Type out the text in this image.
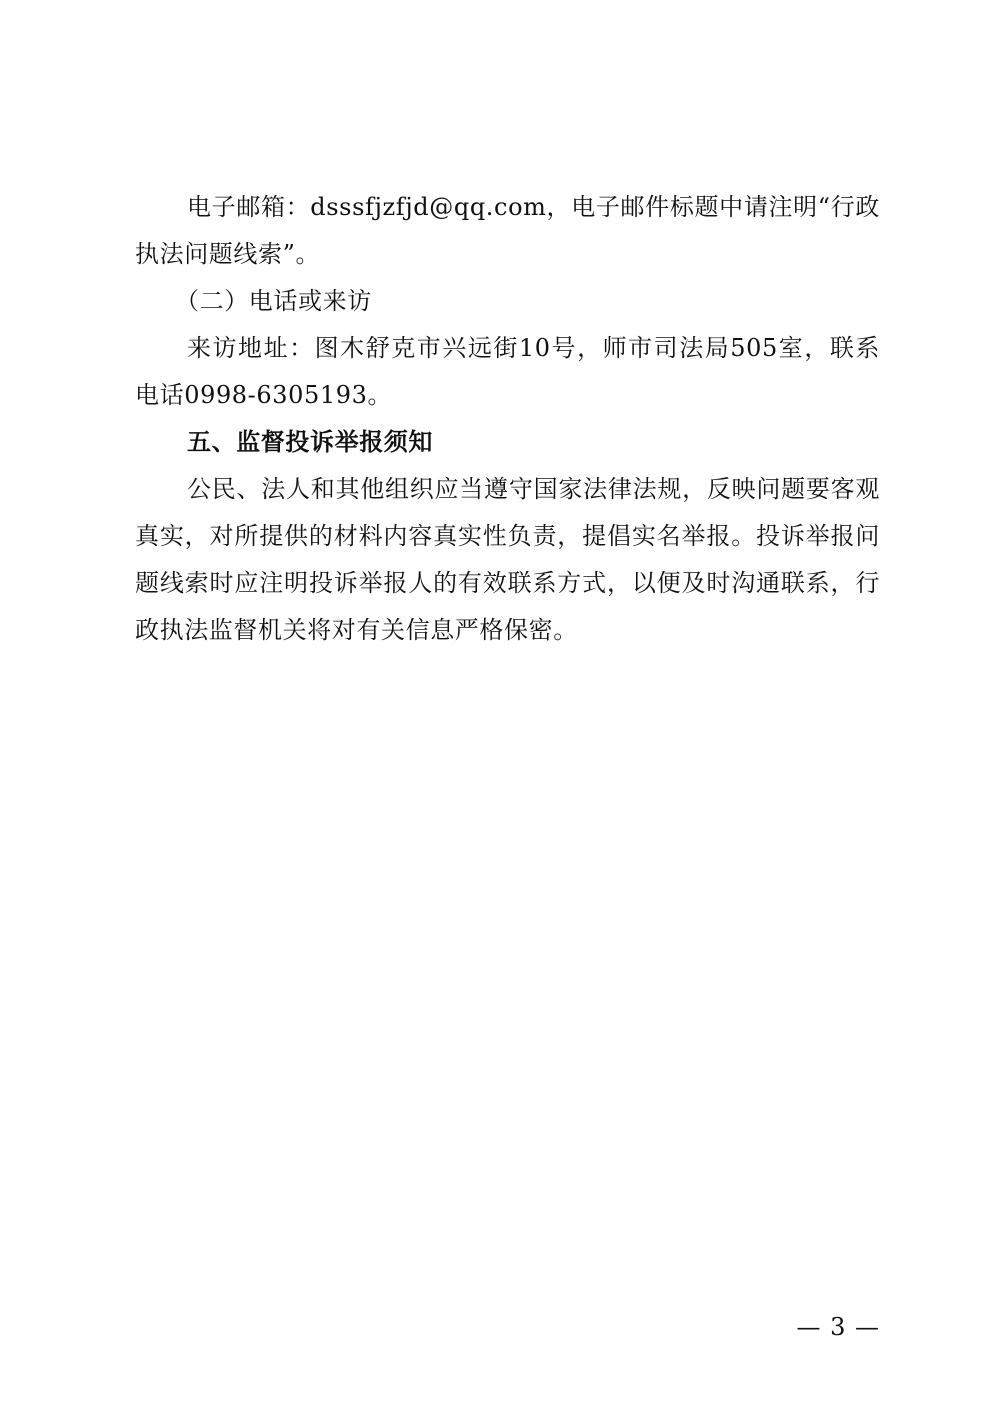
电子邮箱：dsssfjzfjd@qq.com，电子邮件标题中请注明“行政执法问题线索”。

（二）电话或来访

来访地址：图木舒克市兴远街10号，师市司法局505室，联系电话0998-6305193。

五、监督投诉举报须知

公民、法人和其他组织应当遵守国家法律法规，反映问题要客观真实，对所提供的材料内容真实性负责，提倡实名举报。投诉举报问题线索时应注明投诉举报人的有效联系方式，以便及时沟通联系，行政执法监督机关将对有关信息严格保密。

— 3 —
